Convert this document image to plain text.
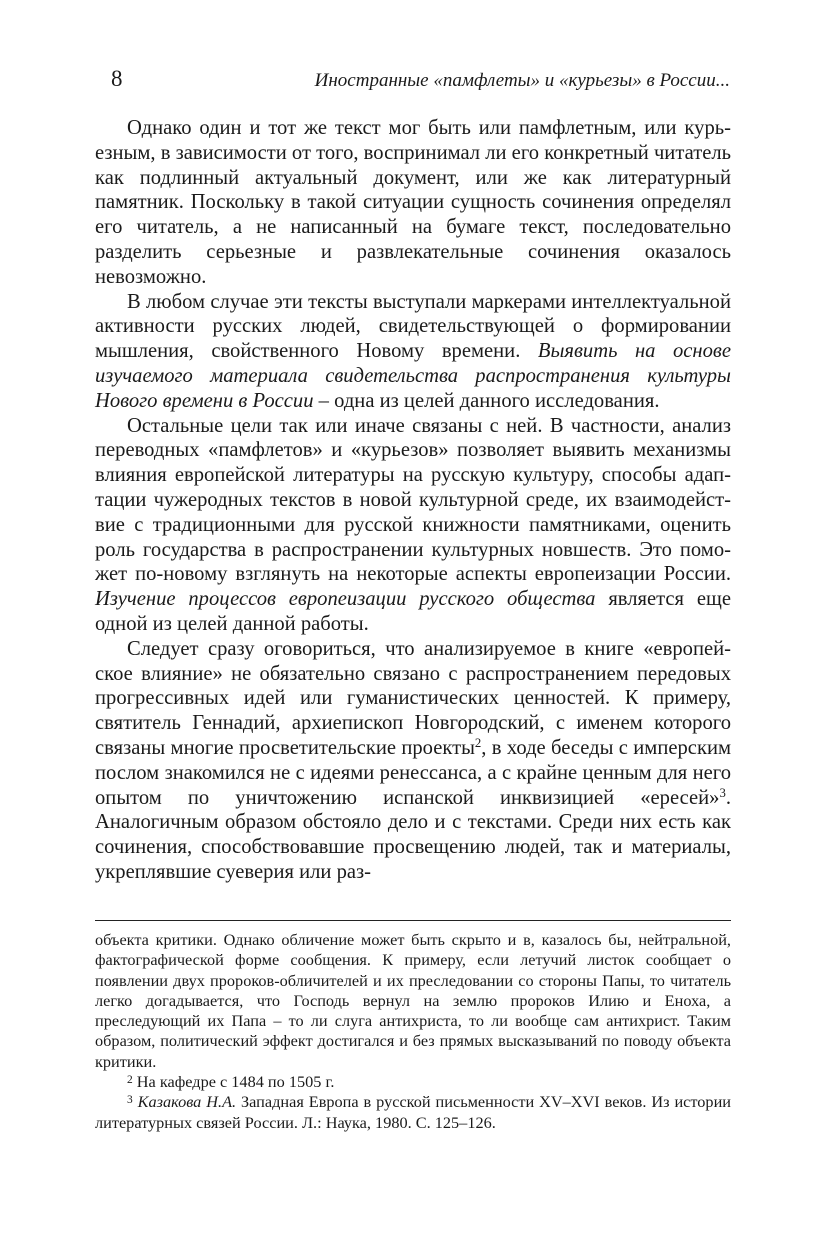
8	Иностранные «памфлеты» и «курьезы» в России...

Однако один и тот же текст мог быть или памфлетным, или курьезным, в зависимости от того, воспринимал ли его конкретный читатель как подлинный актуальный документ, или же как литературный памятник. Поскольку в такой ситуации сущность сочинения определял его читатель, а не написанный на бумаге текст, последовательно разделить серьезные и развлекательные сочинения оказалось невозможно.

В любом случае эти тексты выступали маркерами интеллектуальной активности русских людей, свидетельствующей о формировании мышления, свойственного Новому времени. Выявить на основе изучаемого материала свидетельства распространения культуры Нового времени в России – одна из целей данного исследования.

Остальные цели так или иначе связаны с ней. В частности, анализ переводных «памфлетов» и «курьезов» позволяет выявить механизмы влияния европейской литературы на русскую культуру, способы адаптации чужеродных текстов в новой культурной среде, их взаимодействие с традиционными для русской книжности памятниками, оценить роль государства в распространении культурных новшеств. Это поможет по-новому взглянуть на некоторые аспекты европеизации России. Изучение процессов европеизации русского общества является еще одной из целей данной работы.

Следует сразу оговориться, что анализируемое в книге «европейское влияние» не обязательно связано с распространением передовых прогрессивных идей или гуманистических ценностей. К примеру, святитель Геннадий, архиепископ Новгородский, с именем которого связаны многие просветительские проекты$^2$, в ходе беседы с имперским послом знакомился не с идеями ренессанса, а с крайне ценным для него опытом по уничтожению испанской инквизицией «ересей»$^3$. Аналогичным образом обстояло дело и с текстами. Среди них есть как сочинения, способствовавшие просвещению людей, так и материалы, укреплявшие суеверия или раз-

объекта критики. Однако обличение может быть скрыто и в, казалось бы, нейтральной, фактографической форме сообщения. К примеру, если летучий листок сообщает о появлении двух пророков-обличителей и их преследовании со стороны Папы, то читатель легко догадывается, что Господь вернул на землю пророков Илию и Еноха, а преследующий их Папа – то ли слуга антихриста, то ли вообще сам антихрист. Таким образом, политический эффект достигался и без прямых высказываний по поводу объекта критики.

$^2$ На кафедре с 1484 по 1505 г.

$^3$ Казакова Н.А. Западная Европа в русской письменности XV–XVI веков. Из истории литературных связей России. Л.: Наука, 1980. С. 125–126.
